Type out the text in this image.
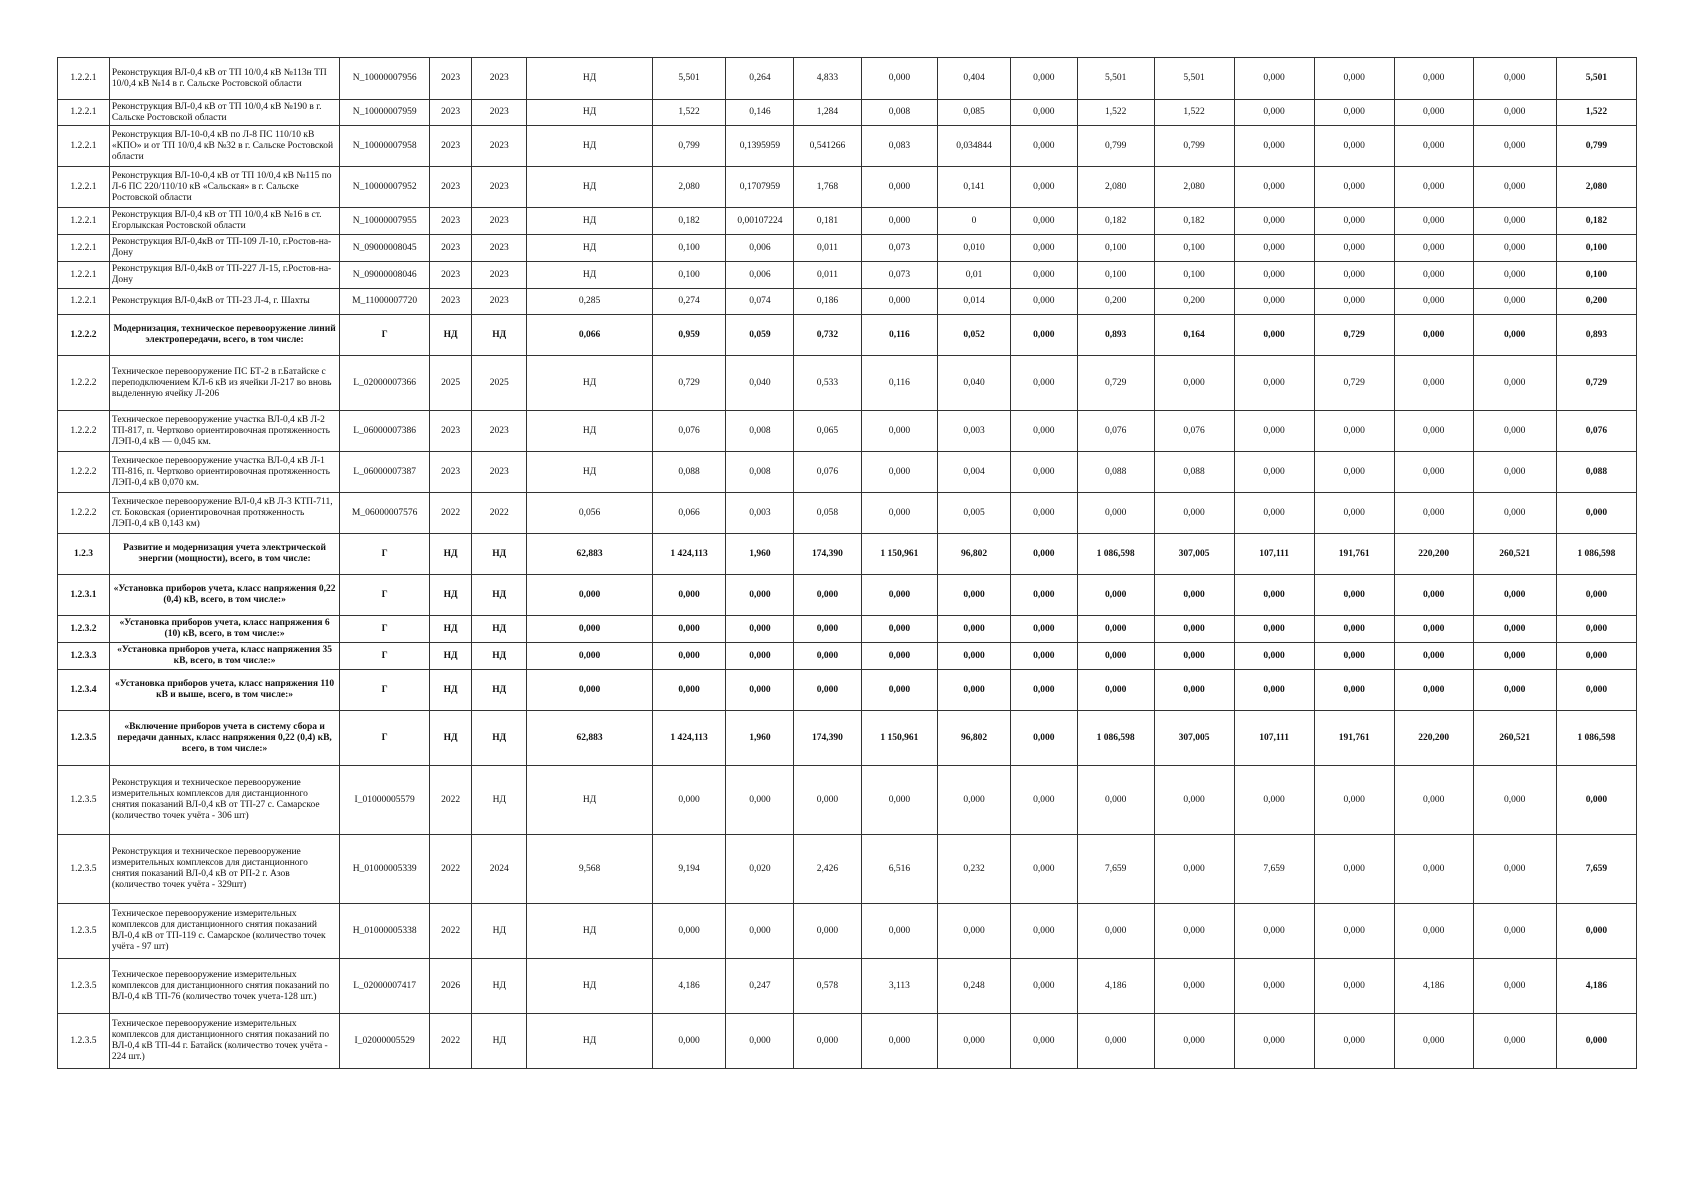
1.2.2.1	Реконструкция ВЛ-0,4 кВ от ТП 10/0,4 кВ №113н ТП 10/0,4 кВ №14 в г. Сальске Ростовской области	N_10000007956	2023	2023	НД	5,501	0,264	4,833	0,000	0,404	0,000	5,501	5,501	0,000	0,000	0,000	0,000	5,501
1.2.2.1	Реконструкция ВЛ-0,4 кВ от ТП 10/0,4 кВ №190 в г. Сальске Ростовской области	N_10000007959	2023	2023	НД	1,522	0,146	1,284	0,008	0,085	0,000	1,522	1,522	0,000	0,000	0,000	0,000	1,522
1.2.2.1	Реконструкция ВЛ-10-0,4 кВ по Л-8 ПС 110/10 кВ «КПО» и от ТП 10/0,4 кВ №32 в г. Сальске Ростовской области	N_10000007958	2023	2023	НД	0,799	0,1395959	0,541266	0,083	0,034844	0,000	0,799	0,799	0,000	0,000	0,000	0,000	0,799
1.2.2.1	Реконструкция ВЛ-10-0,4 кВ от ТП 10/0,4 кВ №115 по Л-6 ПС 220/110/10 кВ «Сальская» в г. Сальске Ростовской области	N_10000007952	2023	2023	НД	2,080	0,1707959	1,768	0,000	0,141	0,000	2,080	2,080	0,000	0,000	0,000	0,000	2,080
1.2.2.1	Реконструкция ВЛ-0,4 кВ от ТП 10/0,4 кВ №16 в ст. Егорлыкская Ростовской области	N_10000007955	2023	2023	НД	0,182	0,00107224	0,181	0,000	0	0,000	0,182	0,182	0,000	0,000	0,000	0,000	0,182
1.2.2.1	Реконструкция ВЛ-0,4кВ от ТП-109 Л-10, г.Ростов-на-Дону	N_09000008045	2023	2023	НД	0,100	0,006	0,011	0,073	0,010	0,000	0,100	0,100	0,000	0,000	0,000	0,000	0,100
1.2.2.1	Реконструкция ВЛ-0,4кВ от ТП-227 Л-15, г.Ростов-на-Дону	N_09000008046	2023	2023	НД	0,100	0,006	0,011	0,073	0,01	0,000	0,100	0,100	0,000	0,000	0,000	0,000	0,100
1.2.2.1	Реконструкция ВЛ-0,4кВ от ТП-23 Л-4, г. Шахты	M_11000007720	2023	2023	0,285	0,274	0,074	0,186	0,000	0,014	0,000	0,200	0,200	0,000	0,000	0,000	0,000	0,200
1.2.2.2	Модернизация, техническое перевооружение линий электропередачи, всего, в том числе:	Г	НД	НД	0,066	0,959	0,059	0,732	0,116	0,052	0,000	0,893	0,164	0,000	0,729	0,000	0,000	0,893
1.2.2.2	Техническое перевооружение ПС БТ-2 в г.Батайске с переподключением КЛ-6 кВ из ячейки Л-217 во вновь выделенную ячейку Л-206	L_02000007366	2025	2025	НД	0,729	0,040	0,533	0,116	0,040	0,000	0,729	0,000	0,000	0,729	0,000	0,000	0,729
1.2.2.2	Техническое перевооружение участка ВЛ-0,4 кВ Л-2 ТП-817, п. Чертково ориентировочная протяженность ЛЭП-0,4 кВ — 0,045 км.	L_06000007386	2023	2023	НД	0,076	0,008	0,065	0,000	0,003	0,000	0,076	0,076	0,000	0,000	0,000	0,000	0,076
1.2.2.2	Техническое перевооружение участка ВЛ-0,4 кВ Л-1 ТП-816, п. Чертково ориентировочная протяженность ЛЭП-0,4 кВ 0,070 км.	L_06000007387	2023	2023	НД	0,088	0,008	0,076	0,000	0,004	0,000	0,088	0,088	0,000	0,000	0,000	0,000	0,088
1.2.2.2	Техническое перевооружение ВЛ-0,4 кВ Л-3 КТП-711, ст. Боковская (ориентировочная протяженность ЛЭП-0,4 кВ 0,143 км)	M_06000007576	2022	2022	0,056	0,066	0,003	0,058	0,000	0,005	0,000	0,000	0,000	0,000	0,000	0,000	0,000	0,000
1.2.3	Развитие и модернизация учета электрической энергии (мощности), всего, в том числе:	Г	НД	НД	62,883	1 424,113	1,960	174,390	1 150,961	96,802	0,000	1 086,598	307,005	107,111	191,761	220,200	260,521	1 086,598
1.2.3.1	«Установка приборов учета, класс напряжения 0,22 (0,4) кВ, всего, в том числе:»	Г	НД	НД	0,000	0,000	0,000	0,000	0,000	0,000	0,000	0,000	0,000	0,000	0,000	0,000	0,000	0,000
1.2.3.2	«Установка приборов учета, класс напряжения 6 (10) кВ, всего, в том числе:»	Г	НД	НД	0,000	0,000	0,000	0,000	0,000	0,000	0,000	0,000	0,000	0,000	0,000	0,000	0,000	0,000
1.2.3.3	«Установка приборов учета, класс напряжения 35 кВ, всего, в том числе:»	Г	НД	НД	0,000	0,000	0,000	0,000	0,000	0,000	0,000	0,000	0,000	0,000	0,000	0,000	0,000	0,000
1.2.3.4	«Установка приборов учета, класс напряжения 110 кВ и выше, всего, в том числе:»	Г	НД	НД	0,000	0,000	0,000	0,000	0,000	0,000	0,000	0,000	0,000	0,000	0,000	0,000	0,000	0,000
1.2.3.5	«Включение приборов учета в систему сбора и передачи данных, класс напряжения 0,22 (0,4) кВ, всего, в том числе:»	Г	НД	НД	62,883	1 424,113	1,960	174,390	1 150,961	96,802	0,000	1 086,598	307,005	107,111	191,761	220,200	260,521	1 086,598
1.2.3.5	Реконструкция и техническое перевооружение измерительных комплексов для дистанционного снятия показаний ВЛ-0,4 кВ от ТП-27 с. Самарское (количество точек учёта - 306 шт)	I_01000005579	2022	НД	НД	0,000	0,000	0,000	0,000	0,000	0,000	0,000	0,000	0,000	0,000	0,000	0,000	0,000
1.2.3.5	Реконструкция и техническое перевооружение измерительных комплексов для дистанционного снятия показаний ВЛ-0,4 кВ от РП-2 г. Азов (количество точек учёта - 329шт)	H_01000005339	2022	2024	9,568	9,194	0,020	2,426	6,516	0,232	0,000	7,659	0,000	7,659	0,000	0,000	0,000	7,659
1.2.3.5	Техническое перевооружение измерительных комплексов для дистанционного снятия показаний ВЛ-0,4 кВ от ТП-119 с. Самарское (количество точек учёта - 97 шт)	H_01000005338	2022	НД	НД	0,000	0,000	0,000	0,000	0,000	0,000	0,000	0,000	0,000	0,000	0,000	0,000	0,000
1.2.3.5	Техническое перевооружение измерительных комплексов для дистанционного снятия показаний по ВЛ-0,4 кВ ТП-76 (количество точек учета-128 шт.)	L_02000007417	2026	НД	НД	4,186	0,247	0,578	3,113	0,248	0,000	4,186	0,000	0,000	0,000	4,186	0,000	4,186
1.2.3.5	Техническое перевооружение измерительных комплексов для дистанционного снятия показаний по ВЛ-0,4 кВ ТП-44 г. Батайск (количество точек учёта - 224 шт.)	I_02000005529	2022	НД	НД	0,000	0,000	0,000	0,000	0,000	0,000	0,000	0,000	0,000	0,000	0,000	0,000	0,000
